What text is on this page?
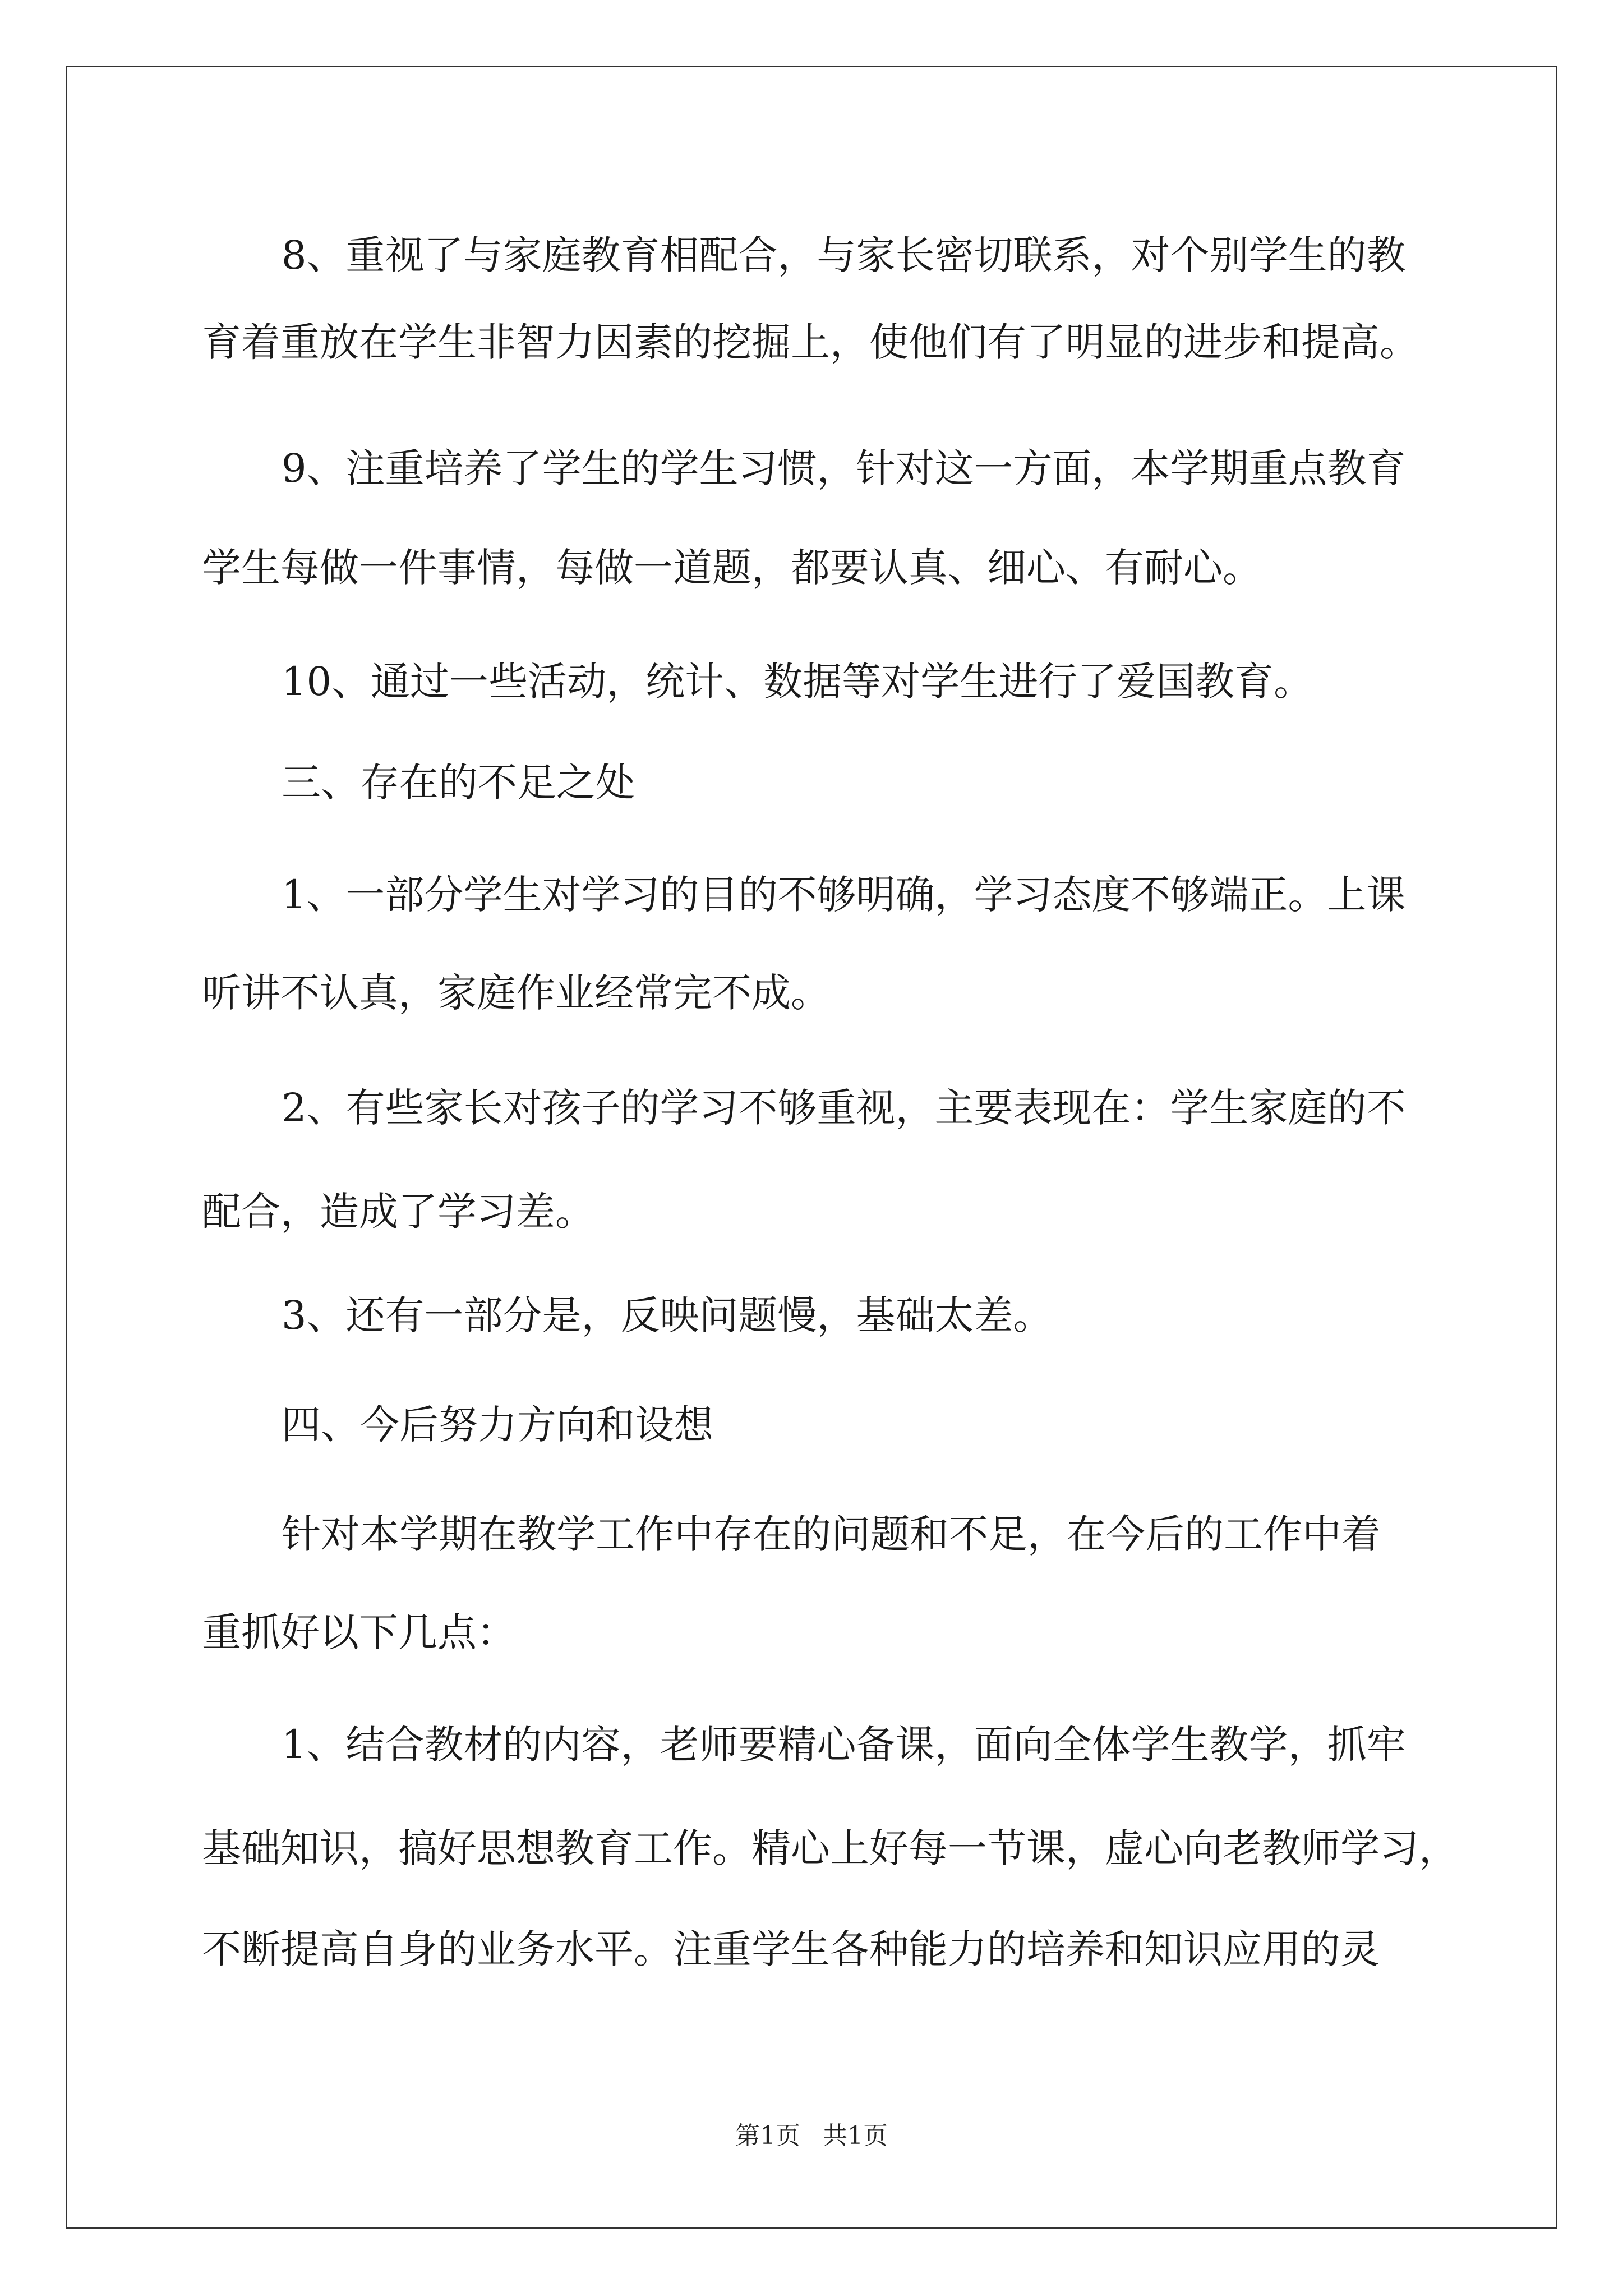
8、重视了与家庭教育相配合，与家长密切联系，对个别学生的教
育着重放在学生非智力因素的挖掘上，使他们有了明显的进步和提高。
9、注重培养了学生的学生习惯，针对这一方面，本学期重点教育
学生每做一件事情，每做一道题，都要认真、细心、有耐心。
10、通过一些活动，统计、数据等对学生进行了爱国教育。
三、存在的不足之处
1、一部分学生对学习的目的不够明确，学习态度不够端正。上课
听讲不认真，家庭作业经常完不成。
2、有些家长对孩子的学习不够重视，主要表现在：学生家庭的不
配合，造成了学习差。
3、还有一部分是，反映问题慢，基础太差。
四、今后努力方向和设想
针对本学期在教学工作中存在的问题和不足，在今后的工作中着
重抓好以下几点：
1、结合教材的内容，老师要精心备课，面向全体学生教学，抓牢
基础知识，搞好思想教育工作。精心上好每一节课，虚心向老教师学习，
不断提高自身的业务水平。注重学生各种能力的培养和知识应用的灵
第1页 共1页
